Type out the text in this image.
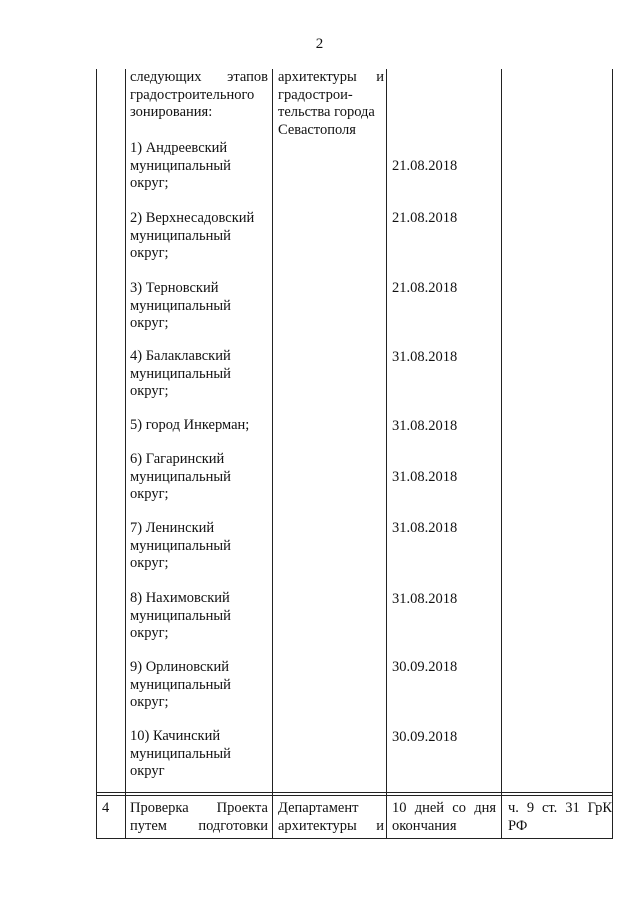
2
следующих этапов
градостроительного
зонирования:
архитектуры и
градострои-
тельства города
Севастополя
1) Андреевский
муниципальный
округ;
21.08.2018
2) Верхнесадовский
муниципальный
округ;
21.08.2018
3) Терновский
муниципальный
округ;
21.08.2018
4) Балаклавский
муниципальный
округ;
31.08.2018
5) город Инкерман;	31.08.2018
6) Гагаринский
муниципальный
округ;
31.08.2018
7) Ленинский
муниципальный
округ;
31.08.2018
8) Нахимовский
муниципальный
округ;
31.08.2018
9) Орлиновский
муниципальный
округ;
30.09.2018
10) Качинский
муниципальный
округ
30.09.2018
4	Проверка Проекта
путем подготовки
Департамент
архитектуры и
10 дней со дня
окончания
ч. 9 ст. 31 ГрК
РФ
